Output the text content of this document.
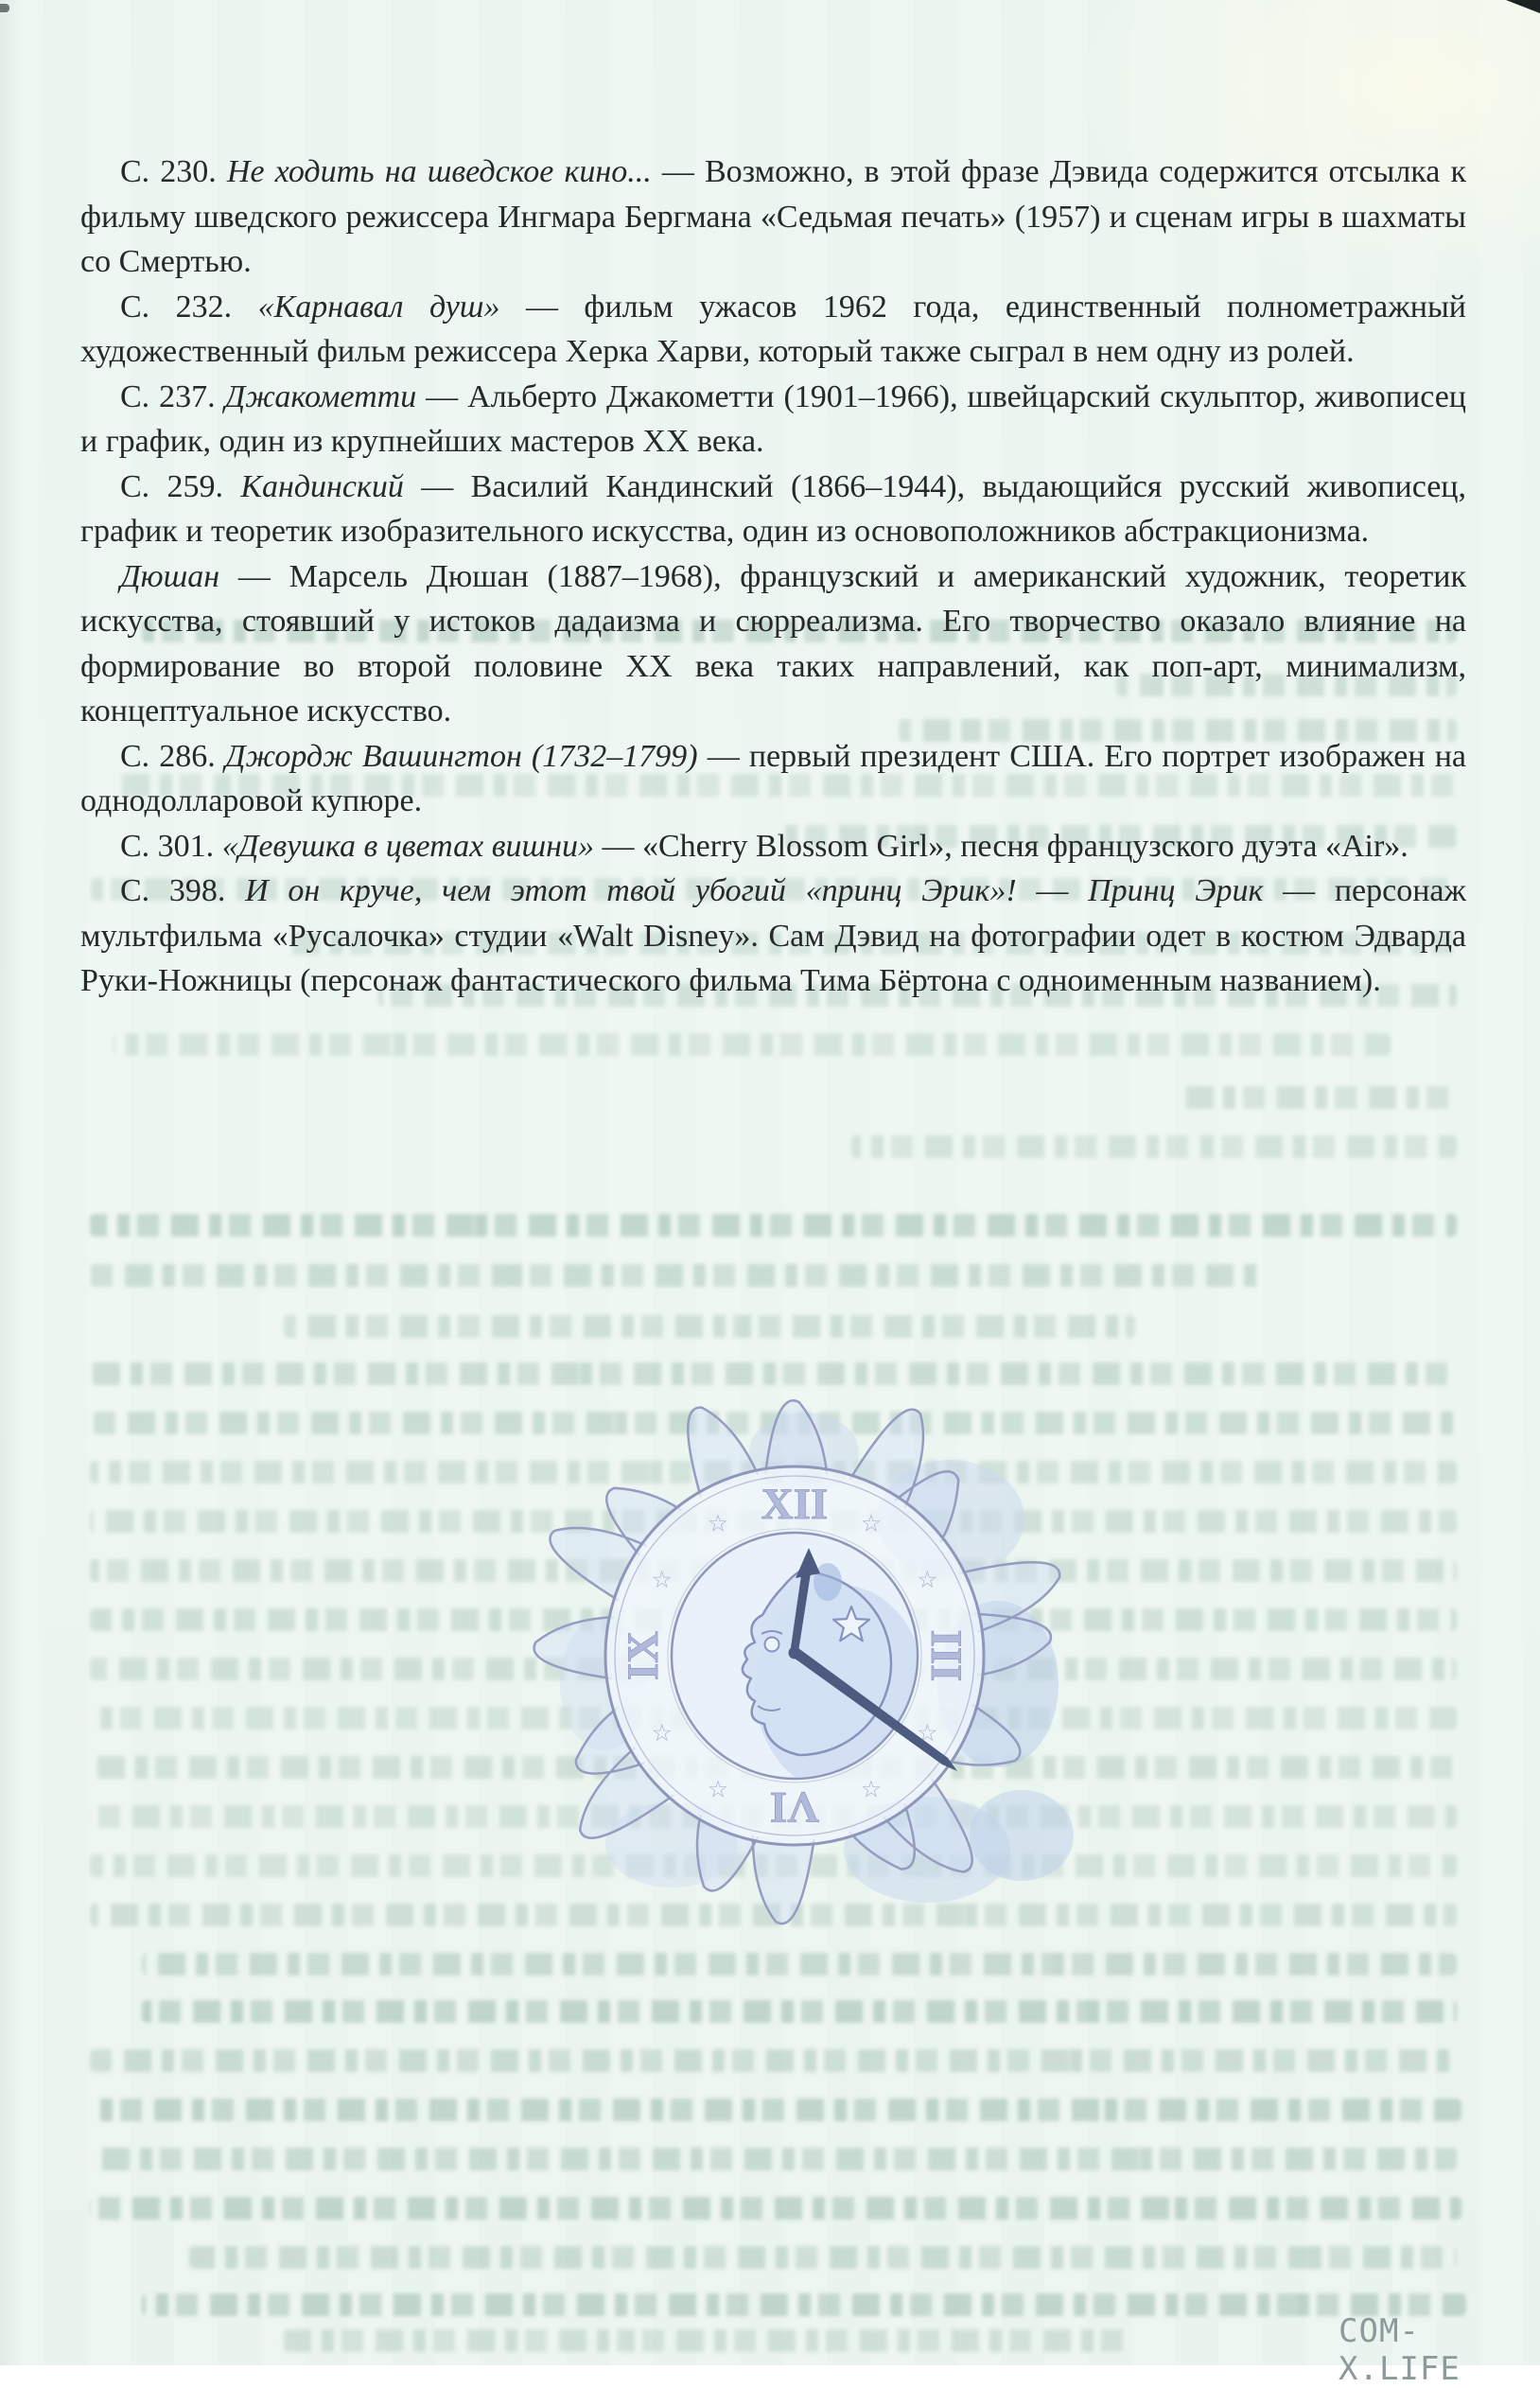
С. 230. Не ходить на шведское кино... — Возможно, в этой фразе Дэвида содержится отсылка к фильму шведского режиссера Ингмара Бергмана «Седьмая печать» (1957) и сценам игры в шахматы со Смертью.

С. 232. «Карнавал душ» — фильм ужасов 1962 года, единственный полнометражный художественный фильм режиссера Херка Харви, который также сыграл в нем одну из ролей.

С. 237. Джакометти — Альберто Джакометти (1901–1966), швейцарский скульптор, живописец и график, один из крупнейших мастеров XX века.

С. 259. Кандинский — Василий Кандинский (1866–1944), выдающийся русский живописец, график и теоретик изобразительного искусства, один из основоположников абстракционизма.

Дюшан — Марсель Дюшан (1887–1968), французский и американский художник, теоретик искусства, стоявший у истоков дадаизма и сюрреализма. Его творчество оказало влияние на формирование во второй половине XX века таких направлений, как поп-арт, минимализм, концептуальное искусство.

С. 286. Джордж Вашингтон (1732–1799) — первый президент США. Его портрет изображен на однодолларовой купюре.

С. 301. «Девушка в цветах вишни» — «Cherry Blossom Girl», песня французского дуэта «Air».

С. 398. И он круче, чем этот твой убогий «принц Эрик»! — Принц Эрик — персонаж мультфильма «Русалочка» студии «Walt Disney». Сам Дэвид на фотографии одет в костюм Эдварда Руки-Ножницы (персонаж фантастического фильма Тима Бёртона с одноименным названием).

XII
III
VI
IX
☆
☆
☆
☆
☆
☆
☆
☆
COM-X.LIFE
